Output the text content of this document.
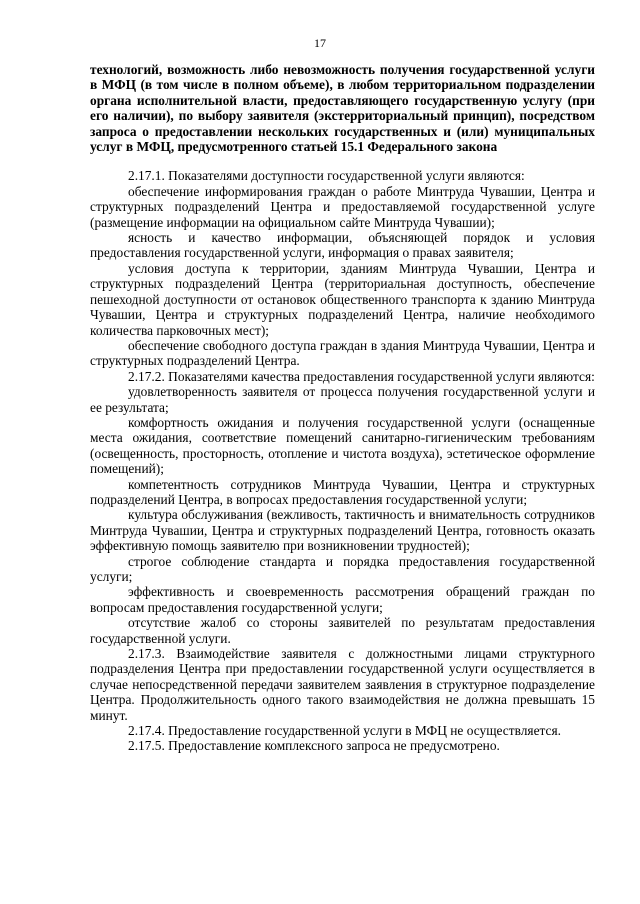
17

технологий, возможность либо невозможность получения государственной услуги в МФЦ (в том числе в полном объеме), в любом территориальном подразделении органа исполнительной власти, предоставляющего государственную услугу (при его наличии), по выбору заявителя (экстерриториальный принцип), посредством запроса о предоставлении нескольких государственных и (или) муниципальных услуг в МФЦ, предусмотренного статьей 15.1 Федерального закона

2.17.1. Показателями доступности государственной услуги являются:

обеспечение информирования граждан о работе Минтруда Чувашии, Центра и структурных подразделений Центра и предоставляемой государственной услуге (размещение информации на официальном сайте Минтруда Чувашии);

ясность и качество информации, объясняющей порядок и условия предоставления государственной услуги, информация о правах заявителя;

условия доступа к территории, зданиям Минтруда Чувашии, Центра и структурных подразделений Центра (территориальная доступность, обеспечение пешеходной доступности от остановок общественного транспорта к зданию Минтруда Чувашии, Центра и структурных подразделений Центра, наличие необходимого количества парковочных мест);

обеспечение свободного доступа граждан в здания Минтруда Чувашии, Центра и структурных подразделений Центра.

2.17.2. Показателями качества предоставления государственной услуги являются:

удовлетворенность заявителя от процесса получения государственной услуги и ее результата;

комфортность ожидания и получения государственной услуги (оснащенные места ожидания, соответствие помещений санитарно-гигиеническим требованиям (освещенность, просторность, отопление и чистота воздуха), эстетическое оформление помещений);

компетентность сотрудников Минтруда Чувашии, Центра и структурных подразделений Центра, в вопросах предоставления государственной услуги;

культура обслуживания (вежливость, тактичность и внимательность сотрудников Минтруда Чувашии, Центра и структурных подразделений Центра, готовность оказать эффективную помощь заявителю при возникновении трудностей);

строгое соблюдение стандарта и порядка предоставления государственной услуги;

эффективность и своевременность рассмотрения обращений граждан по вопросам предоставления государственной услуги;

отсутствие жалоб со стороны заявителей по результатам предоставления государственной услуги.

2.17.3. Взаимодействие заявителя с должностными лицами структурного подразделения Центра при предоставлении государственной услуги осуществляется в случае непосредственной передачи заявителем заявления в структурное подразделение Центра. Продолжительность одного такого взаимодействия не должна превышать 15 минут.

2.17.4. Предоставление государственной услуги в МФЦ не осуществляется.

2.17.5. Предоставление комплексного запроса не предусмотрено.
